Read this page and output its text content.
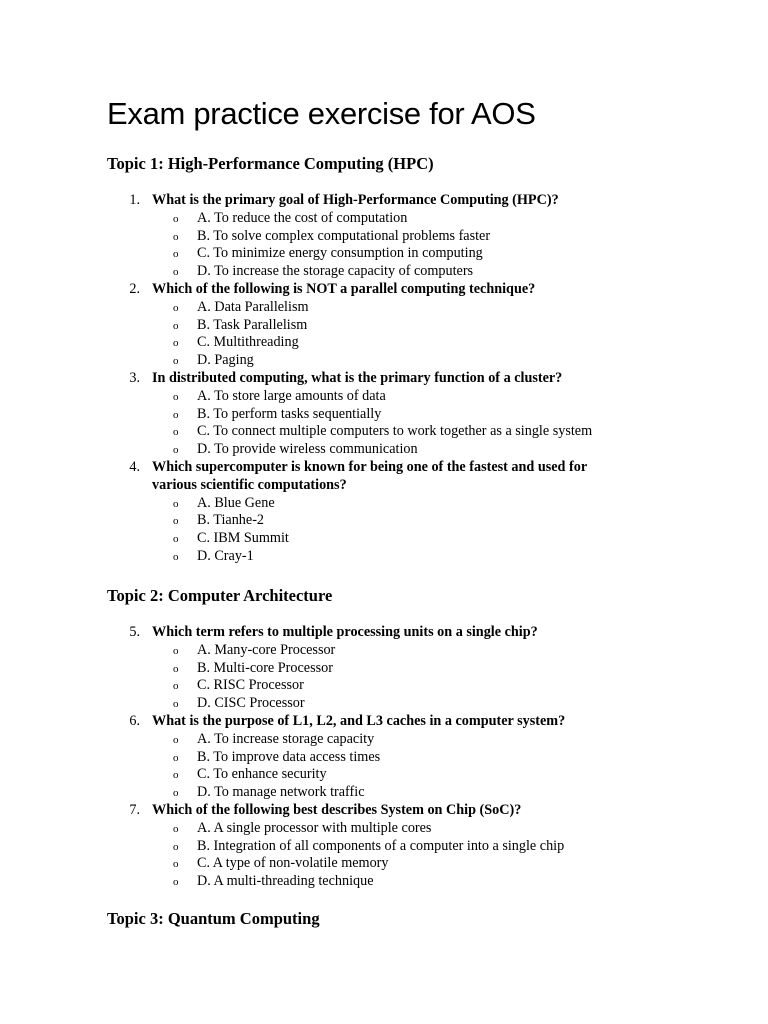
Exam practice exercise for AOS
Topic 1: High-Performance Computing (HPC)
1. What is the primary goal of High-Performance Computing (HPC)?
o A. To reduce the cost of computation
o B. To solve complex computational problems faster
o C. To minimize energy consumption in computing
o D. To increase the storage capacity of computers
2. Which of the following is NOT a parallel computing technique?
o A. Data Parallelism
o B. Task Parallelism
o C. Multithreading
o D. Paging
3. In distributed computing, what is the primary function of a cluster?
o A. To store large amounts of data
o B. To perform tasks sequentially
o C. To connect multiple computers to work together as a single system
o D. To provide wireless communication
4. Which supercomputer is known for being one of the fastest and used for
various scientific computations?
o A. Blue Gene
o B. Tianhe-2
o C. IBM Summit
o D. Cray-1
Topic 2: Computer Architecture
5. Which term refers to multiple processing units on a single chip?
o A. Many-core Processor
o B. Multi-core Processor
o C. RISC Processor
o D. CISC Processor
6. What is the purpose of L1, L2, and L3 caches in a computer system?
o A. To increase storage capacity
o B. To improve data access times
o C. To enhance security
o D. To manage network traffic
7. Which of the following best describes System on Chip (SoC)?
o A. A single processor with multiple cores
o B. Integration of all components of a computer into a single chip
o C. A type of non-volatile memory
o D. A multi-threading technique
Topic 3: Quantum Computing
